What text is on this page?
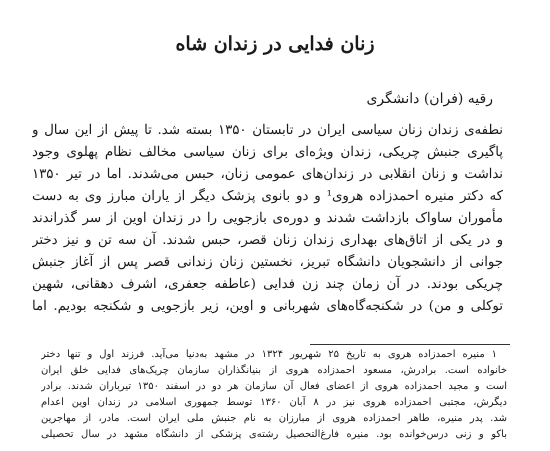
زنان فدایی در زندان شاه
رقیه (فران) دانشگری
نطفه‌ی زندان زنان سیاسی ایران در تابستان ۱۳۵۰ بسته شد. تا پیش از این سال و
پاگیری جنبش چریکی، زندان ویژه‌ای برای زنان سیاسی مخالف نظام پهلوی وجود
نداشت و زنان انقلابی در زندان‌های عمومی زنان، حبس می‌شدند. اما در تیر ۱۳۵۰
که دکتر منیره احمدزاده هروی¹ و دو بانوی پزشک دیگر از یاران مبارز وی به دست
مأموران ساواک بازداشت شدند و دوره‌ی بازجویی را در زندان اوین از سر گذراندند
و در یکی از اتاق‌های بهداری زندان زنان قصر، حبس شدند. آن سه تن و نیز دختر
جوانی از دانشجویان دانشگاه تبریز، نخستین زنان زندانی قصر پس از آغاز جنبش
چریکی بودند. در آن زمان چند زن فدایی (عاطفه جعفری، اشرف دهقانی، شهین
توکلی و من) در شکنجه‌گاه‌های شهربانی و اوین، زیر بازجویی و شکنجه بودیم. اما
۱ منیره احمدزاده هروی به تاریخ ۲۵ شهریور ۱۳۲۴ در مشهد به‌دنیا می‌آید. فرزند اول و تنها دختر
خانواده است. برادرش، مسعود احمدزاده هروی از بنیانگذاران سازمان چریک‌های فدایی خلق ایران
است و مجید احمدزاده هروی از اعضای فعال آن سازمان هر دو در اسفند ۱۳۵۰ تیرباران شدند. برادر
دیگرش، مجتبی احمدزاده هروی نیز در ۸ آبان ۱۳۶۰ توسط جمهوری اسلامی در زندان اوین اعدام
شد. پدر منیره، طاهر احمدزاده هروی از مبارزان به نام جنبش ملی ایران است. مادر، از مهاجرین
باکو و زنی درس‌خوانده بود. منیره فارغ‌التحصیل رشته‌ی پزشکی از دانشگاه مشهد در سال تحصیلی
